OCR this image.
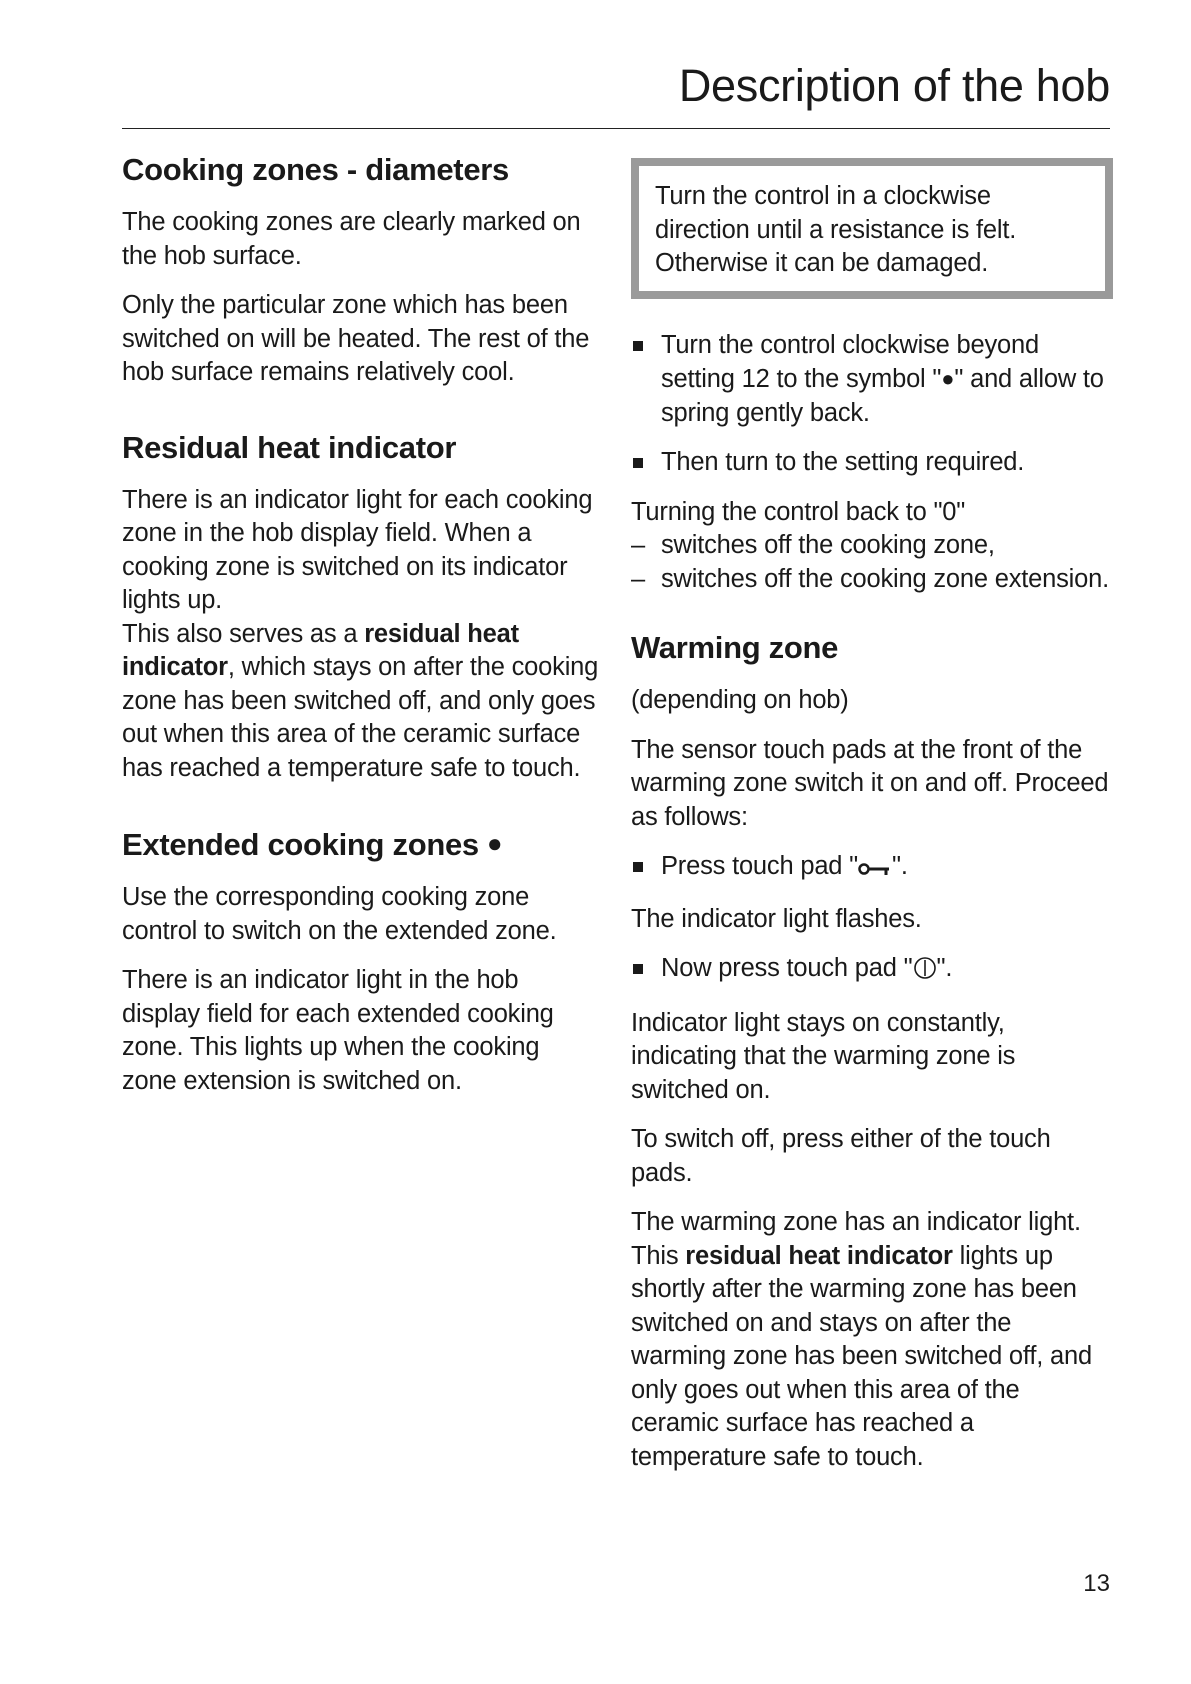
Description of the hob
Cooking zones - diameters

The cooking zones are clearly marked on the hob surface.

Only the particular zone which has been switched on will be heated. The rest of the hob surface remains relatively cool.

Residual heat indicator

There is an indicator light for each cooking zone in the hob display field. When a cooking zone is switched on its indicator lights up.
This also serves as a residual heat indicator, which stays on after the cooking zone has been switched off, and only goes out when this area of the ceramic surface has reached a temperature safe to touch.

Extended cooking zones ●

Use the corresponding cooking zone control to switch on the extended zone.

There is an indicator light in the hob display field for each extended cooking zone. This lights up when the cooking zone extension is switched on.

Turn the control in a clockwise direction until a resistance is felt. Otherwise it can be damaged.

Turn the control clockwise beyond setting 12 to the symbol "●" and allow to spring gently back.
Then turn to the setting required.
Turning the control back to "0"
– switches off the cooking zone,
– switches off the cooking zone extension.
Warming zone

(depending on hob)

The sensor touch pads at the front of the warming zone switch it on and off. Proceed as follows:

Press touch pad " ".

The indicator light flashes.

Now press touch pad " ".

Indicator light stays on constantly, indicating that the warming zone is switched on.

To switch off, press either of the touch pads.

The warming zone has an indicator light.
This residual heat indicator lights up shortly after the warming zone has been switched on and stays on after the warming zone has been switched off, and only goes out when this area of the ceramic surface has reached a temperature safe to touch.

13
